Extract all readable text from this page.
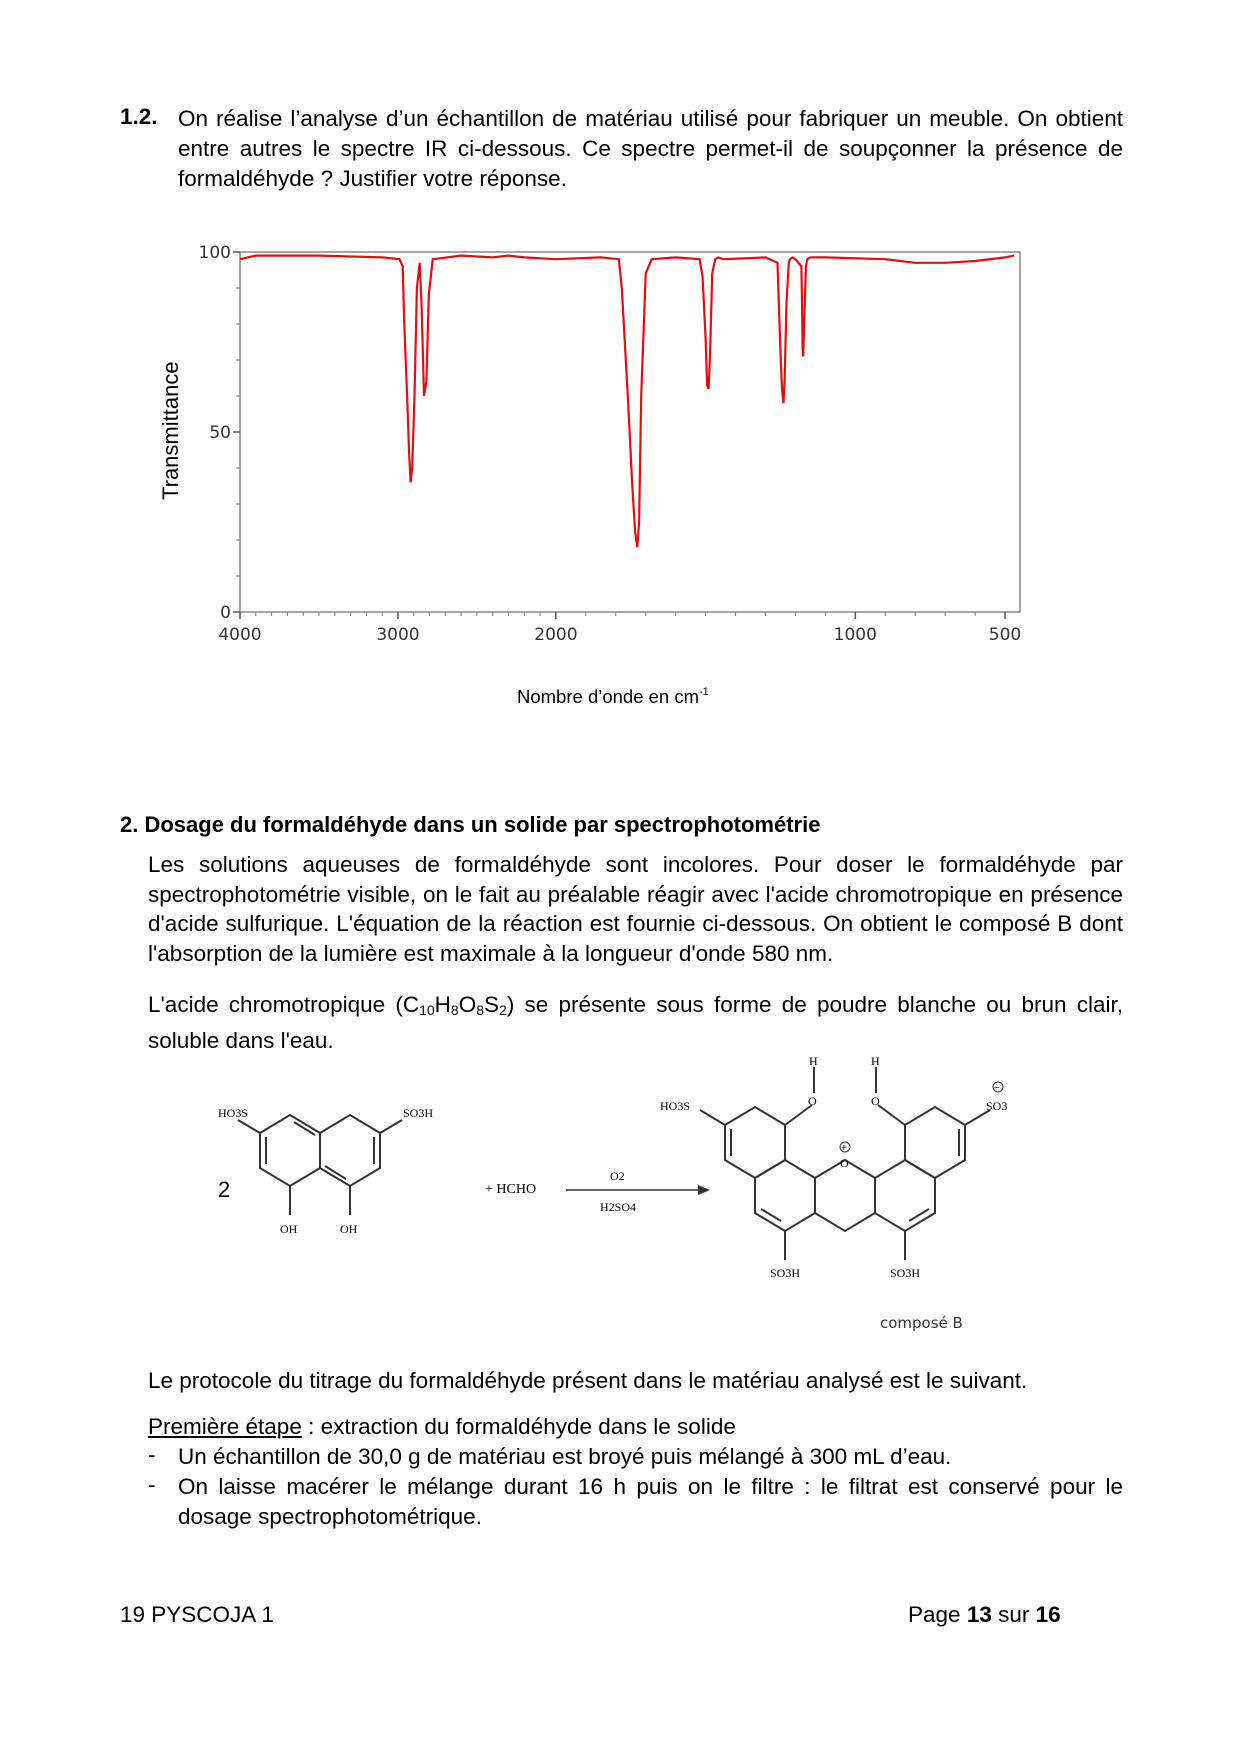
1.2. On réalise l’analyse d’un échantillon de matériau utilisé pour fabriquer un meuble. On obtient entre autres le spectre IR ci-dessous. Ce spectre permet-il de soupçonner la présence de formaldéhyde ? Justifier votre réponse.
4000	3000	2000	1000	500
0
50
100
Transmittance
Nombre d’onde en $cm^{-1}$
2. Dosage du formaldéhyde dans un solide par spectrophotométrie
Les solutions aqueuses de formaldéhyde sont incolores. Pour doser le formaldéhyde par spectrophotométrie visible, on le fait au préalable réagir avec l'acide chromotropique en présence d'acide sulfurique. L'équation de la réaction est fournie ci-dessous. On obtient le composé B dont l'absorption de la lumière est maximale à la longueur d'onde 580 nm.
L'acide chromotropique $(C_{10}H_8O_8S_2)$ se présente sous forme de poudre blanche ou brun clair, soluble dans l'eau.
HO3S	SO3H
OH	OH
2	+ HCHO
O2
H2SO4
H	H
O	O
O
+
−
HO3S	SO3
SO3H	SO3H
composé B
Le protocole du titrage du formaldéhyde présent dans le matériau analysé est le suivant.
Première étape : extraction du formaldéhyde dans le solide
- Un échantillon de 30,0 g de matériau est broyé puis mélangé à 300 mL d’eau.
- On laisse macérer le mélange durant 16 h puis on le filtre : le filtrat est conservé pour le dosage spectrophotométrique.
19 PYSCOJA 1	Page 13 sur 16
